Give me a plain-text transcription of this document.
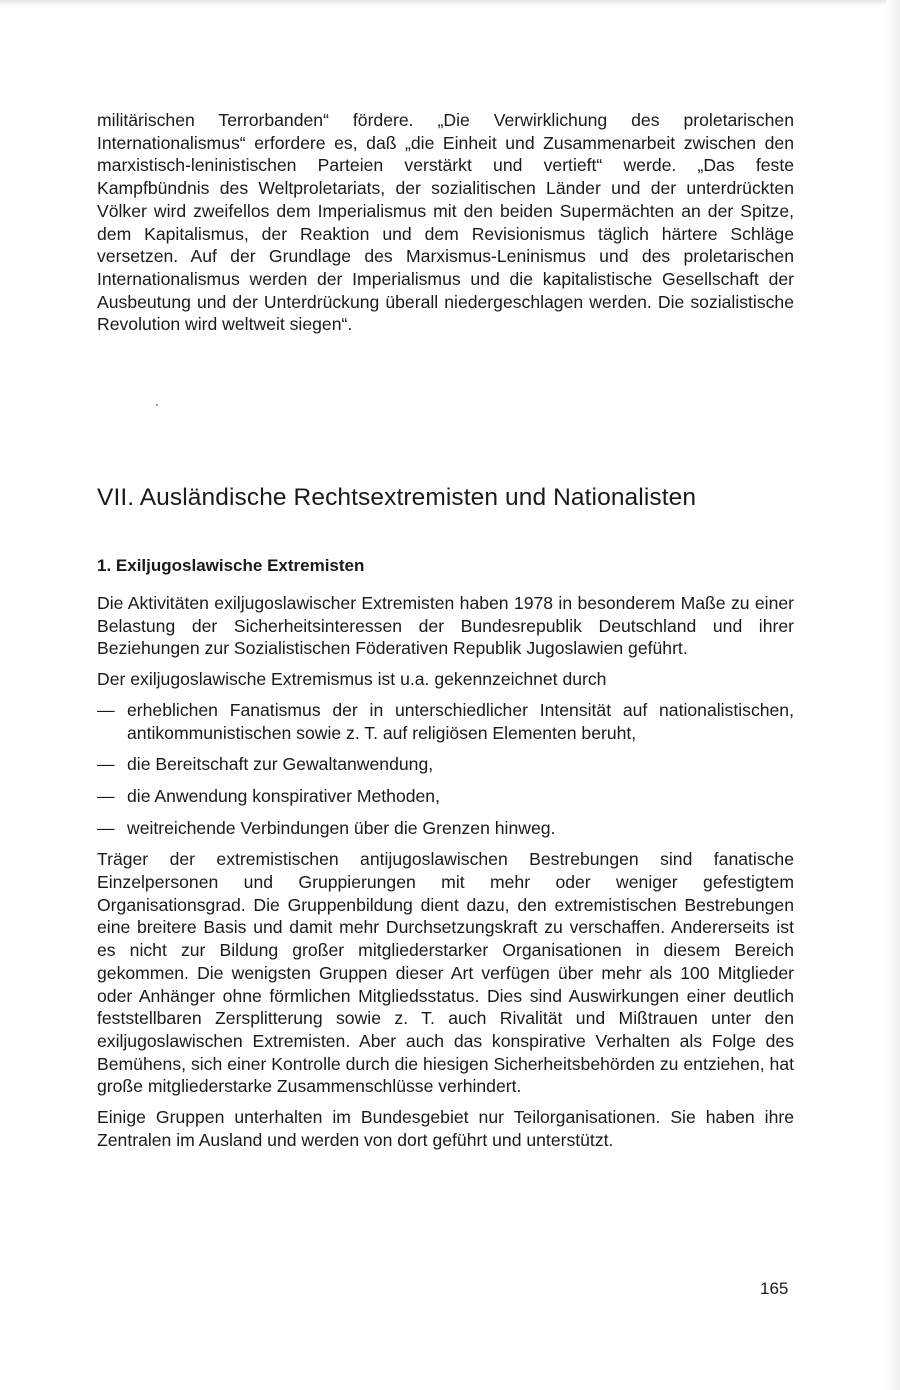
militärischen Terrorbanden“ fördere. „Die Verwirklichung des proletarischen Internationalismus“ erfordere es, daß „die Einheit und Zusammenarbeit zwischen den marxistisch-leninistischen Parteien verstärkt und vertieft“ werde. „Das feste Kampfbündnis des Weltproletariats, der sozialitischen Länder und der unterdrückten Völker wird zweifellos dem Imperialismus mit den beiden Supermächten an der Spitze, dem Kapitalismus, der Reaktion und dem Revisionismus täglich härtere Schläge versetzen. Auf der Grundlage des Marxismus-Leninismus und des proletarischen Internationalismus werden der Imperialismus und die kapitalistische Gesellschaft der Ausbeutung und der Unterdrückung überall niedergeschlagen werden. Die sozialistische Revolution wird weltweit siegen“.

VII. Ausländische Rechtsextremisten und Nationalisten
1. Exiljugoslawische Extremisten

Die Aktivitäten exiljugoslawischer Extremisten haben 1978 in besonderem Maße zu einer Belastung der Sicherheitsinteressen der Bundesrepublik Deutschland und ihrer Beziehungen zur Sozialistischen Föderativen Republik Jugoslawien geführt.

Der exiljugoslawische Extremismus ist u.a. gekennzeichnet durch

— erheblichen Fanatismus der in unterschiedlicher Intensität auf nationalistischen, antikommunistischen sowie z. T. auf religiösen Elementen beruht,
— die Bereitschaft zur Gewaltanwendung,
— die Anwendung konspirativer Methoden,
— weitreichende Verbindungen über die Grenzen hinweg.

Träger der extremistischen antijugoslawischen Bestrebungen sind fanatische Einzelpersonen und Gruppierungen mit mehr oder weniger gefestigtem Organisationsgrad. Die Gruppenbildung dient dazu, den extremistischen Bestrebungen eine breitere Basis und damit mehr Durchsetzungskraft zu verschaffen. Andererseits ist es nicht zur Bildung großer mitgliederstarker Organisationen in diesem Bereich gekommen. Die wenigsten Gruppen dieser Art verfügen über mehr als 100 Mitglieder oder Anhänger ohne förmlichen Mitgliedsstatus. Dies sind Auswirkungen einer deutlich feststellbaren Zersplitterung sowie z. T. auch Rivalität und Mißtrauen unter den exiljugoslawischen Extremisten. Aber auch das konspirative Verhalten als Folge des Bemühens, sich einer Kontrolle durch die hiesigen Sicherheitsbehörden zu entziehen, hat große mitgliederstarke Zusammenschlüsse verhindert.

Einige Gruppen unterhalten im Bundesgebiet nur Teilorganisationen. Sie haben ihre Zentralen im Ausland und werden von dort geführt und unterstützt.

165
